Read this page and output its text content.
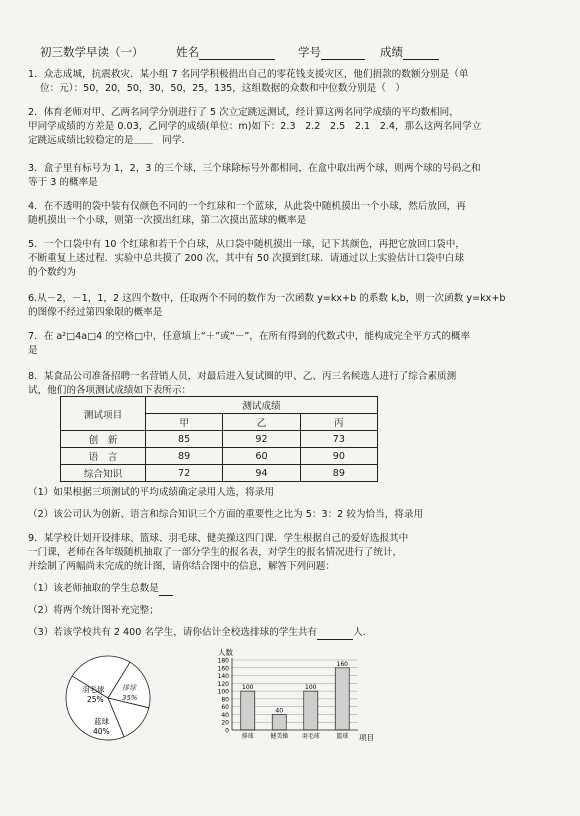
初三数学早读（一）	姓名	学号	成绩
1．众志成城，抗震救灾．某小组 7 名同学积极捐出自己的零花钱支援灾区，他们捐款的数额分别是（单
位：元）：50，20，50，30，50，25，135，这组数据的众数和中位数分别是（　）
2．体育老师对甲、乙两名同学分别进行了 5 次立定跳远测试，经计算这两名同学成绩的平均数相同，
甲同学成绩的方差是 0.03，乙同学的成绩(单位：m)如下：2.3　2.2　2.5　2.1　2.4，那么这两名同学立
定跳远成绩比较稳定的是＿＿　同学．
3．盒子里有标号为 1，2，3 的三个球，三个球除标号外都相同，在盒中取出两个球，则两个球的号码之和
等于 3 的概率是
4．在不透明的袋中装有仅颜色不同的一个红球和一个蓝球，从此袋中随机摸出一个小球，然后放回，再
随机摸出一个小球，则第一次摸出红球，第二次摸出蓝球的概率是
5．一个口袋中有 10 个红球和若干个白球，从口袋中随机摸出一球，记下其颜色，再把它放回口袋中，
不断重复上述过程．实验中总共摸了 200 次，其中有 50 次摸到红球．请通过以上实验估计口袋中白球
的个数约为
6.从－2，－1，1，2 这四个数中，任取两个不同的数作为一次函数 y=kx+b 的系数 k,b，则一次函数 y=kx+b
的图像不经过第四象限的概率是
7．在 a²□4a□4 的空格□中，任意填上“＋”或“－”，在所有得到的代数式中，能构成完全平方式的概率
是
8．某食品公司准备招聘一名营销人员，对最后进入复试圈的甲、乙、丙三名候选人进行了综合素质测
试，他们的各项测试成绩如下表所示：
测试项目	测试成绩		
	甲	乙	丙
创　新	85	92	73
语　言	89	60	90
综合知识	72	94	89
（1）如果根据三项测试的平均成绩确定录用人选，将录用
（2）该公司认为创新、语言和综合知识三个方面的重要性之比为 5：3：2 较为恰当，将录用
9．某学校计划开设排球、篮球、羽毛球、健美操这四门课．学生根据自己的爱好选报其中
一门课，老师在各年级随机抽取了一部分学生的报名表，对学生的报名情况进行了统计，
并绘制了两幅尚未完成的统计图，请你结合图中的信息，解答下列问题：
（1）该老师抽取的学生总数是
（2）将两个统计图补充完整；
（3）若该学校共有 2 400 名学生，请你估计全校选排球的学生共有	人.
羽毛球
25%
蓝球
40%
排球
35%
人数
项目
0
20
40
60
80
100
120
140
160
180
100
排球
40
健美操
100
羽毛球
160
篮球
